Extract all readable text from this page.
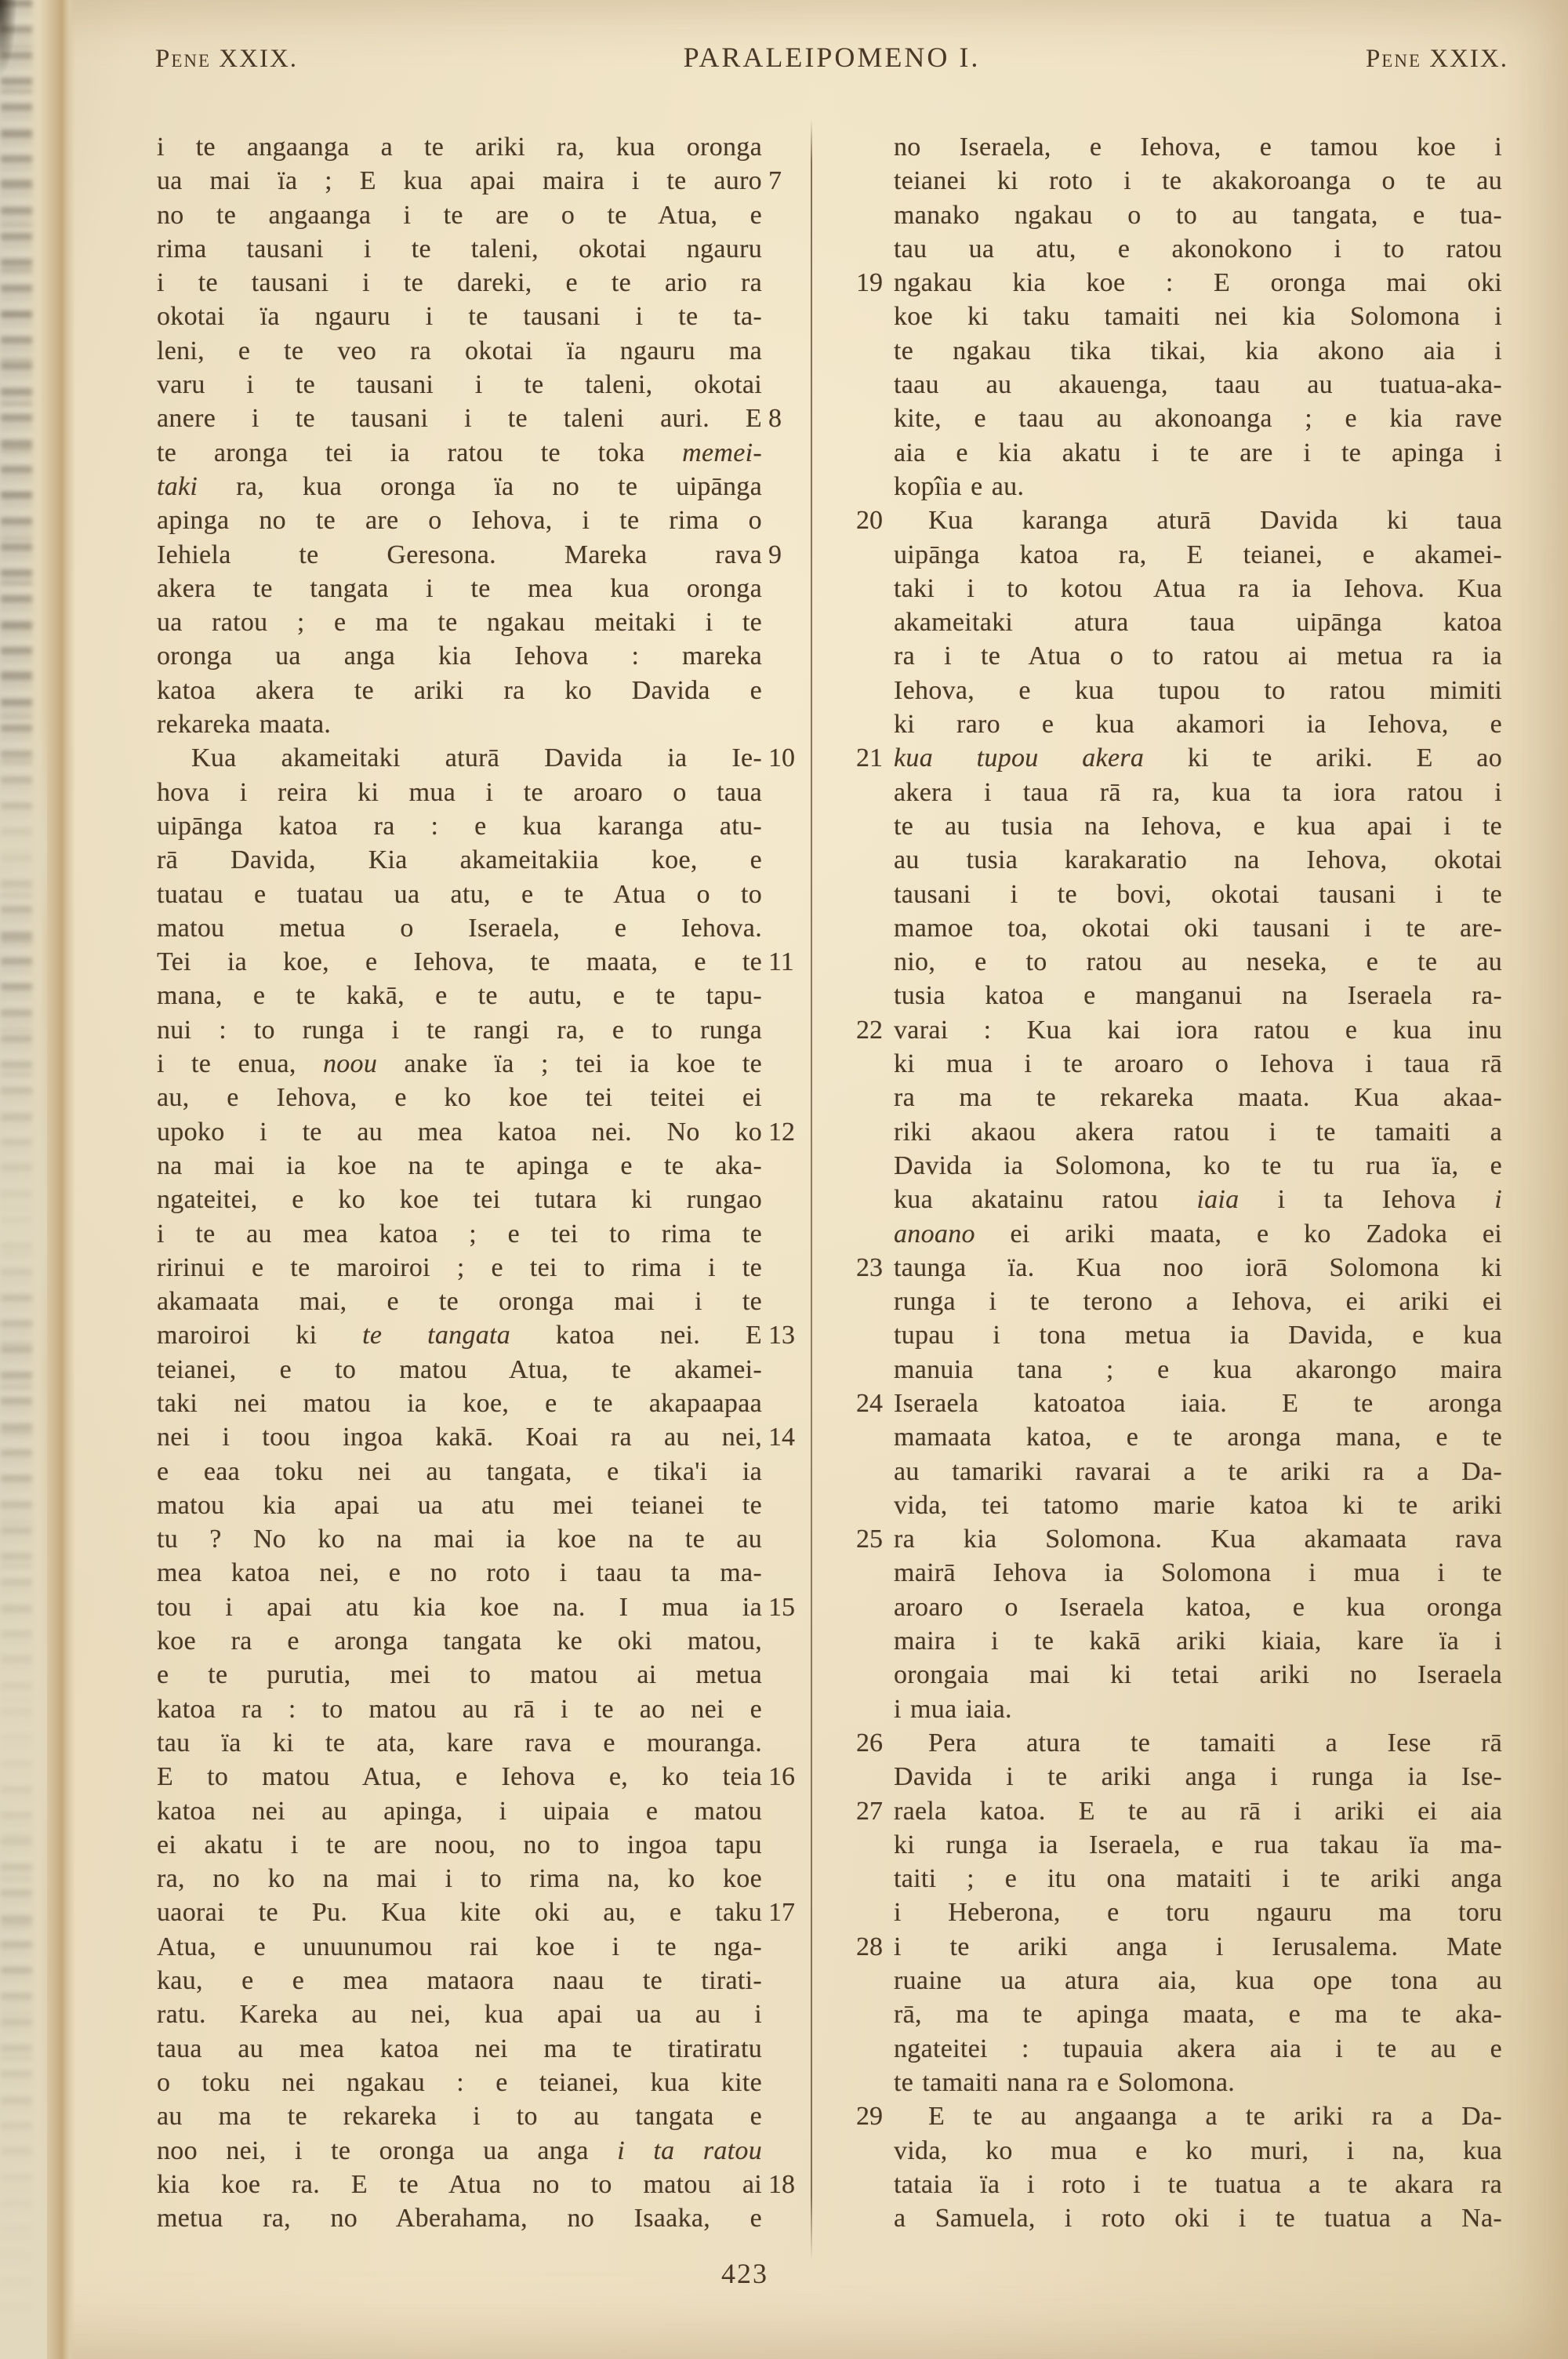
Pene XXIX.	PARALEIPOMENO I.	Pene XXIX.
i te angaanga a te ariki ra, kua oronga
ua mai ïa ; E kua apai maira i te auro 7
no te angaanga i te are o te Atua, e
rima tausani i te taleni, okotai ngauru
i te tausani i te dareki, e te ario ra
okotai ïa ngauru i te tausani i te ta-
leni, e te veo ra okotai ïa ngauru ma
varu i te tausani i te taleni, okotai
anere i te tausani i te taleni auri. E 8
te aronga tei ia ratou te toka memei-
taki ra, kua oronga ïa no te uipānga
apinga no te are o Iehova, i te rima o
Iehiela te Geresona. Mareka rava 9
akera te tangata i te mea kua oronga
ua ratou ; e ma te ngakau meitaki i te
oronga ua anga kia Iehova : mareka
katoa akera te ariki ra ko Davida e
rekareka maata.
Kua akameitaki aturā Davida ia Ie- 10
hova i reira ki mua i te aroaro o taua
uipānga katoa ra : e kua karanga atu-
rā Davida, Kia akameitakiia koe, e
tuatau e tuatau ua atu, e te Atua o to
matou metua o Iseraela, e Iehova.
Tei ia koe, e Iehova, te maata, e te 11
mana, e te kakā, e te autu, e te tapu-
nui : to runga i te rangi ra, e to runga
i te enua, noou anake ïa ; tei ia koe te
au, e Iehova, e ko koe tei teitei ei
upoko i te au mea katoa nei. No ko 12
na mai ia koe na te apinga e te aka-
ngateitei, e ko koe tei tutara ki rungao
i te au mea katoa ; e tei to rima te
ririnui e te maroiroi ; e tei to rima i te
akamaata mai, e te oronga mai i te
maroiroi ki te tangata katoa nei. E 13
teianei, e to matou Atua, te akamei-
taki nei matou ia koe, e te akapaapaa
nei i toou ingoa kakā. Koai ra au nei, 14
e eaa toku nei au tangata, e tika'i ia
matou kia apai ua atu mei teianei te
tu ? No ko na mai ia koe na te au
mea katoa nei, e no roto i taau ta ma-
tou i apai atu kia koe na. I mua ia 15
koe ra e aronga tangata ke oki matou,
e te purutia, mei to matou ai metua
katoa ra : to matou au rā i te ao nei e
tau ïa ki te ata, kare rava e mouranga.
E to matou Atua, e Iehova e, ko teia 16
katoa nei au apinga, i uipaia e matou
ei akatu i te are noou, no to ingoa tapu
ra, no ko na mai i to rima na, ko koe
uaorai te Pu. Kua kite oki au, e taku 17
Atua, e unuunumou rai koe i te nga-
kau, e e mea mataora naau te tirati-
ratu. Kareka au nei, kua apai ua au i
taua au mea katoa nei ma te tiratiratu
o toku nei ngakau : e teianei, kua kite
au ma te rekareka i to au tangata e
noo nei, i te oronga ua anga i ta ratou
kia koe ra. E te Atua no to matou ai 18
metua ra, no Aberahama, no Isaaka, e
no Iseraela, e Iehova, e tamou koe i
teianei ki roto i te akakoroanga o te au
manako ngakau o to au tangata, e tua-
tau ua atu, e akonokono i to ratou
ngakau kia koe : E oronga mai oki
19
koe ki taku tamaiti nei kia Solomona i
te ngakau tika tikai, kia akono aia i
taau au akauenga, taau au tuatua-aka-
kite, e taau au akonoanga ; e kia rave
aia e kia akatu i te are i te apinga i
kopîia e au.
Kua karanga aturā Davida ki taua
20
uipānga katoa ra, E teianei, e akamei-
taki i to kotou Atua ra ia Iehova. Kua
akameitaki atura taua uipānga katoa
ra i te Atua o to ratou ai metua ra ia
Iehova, e kua tupou to ratou mimiti
ki raro e kua akamori ia Iehova, e
kua tupou akera ki te ariki. E ao
21
akera i taua rā ra, kua ta iora ratou i
te au tusia na Iehova, e kua apai i te
au tusia karakaratio na Iehova, okotai
tausani i te bovi, okotai tausani i te
mamoe toa, okotai oki tausani i te are-
nio, e to ratou au neseka, e te au
tusia katoa e manganui na Iseraela ra-
varai : Kua kai iora ratou e kua inu
22
ki mua i te aroaro o Iehova i taua rā
ra ma te rekareka maata. Kua akaa-
riki akaou akera ratou i te tamaiti a
Davida ia Solomona, ko te tu rua ïa, e
kua akatainu ratou iaia i ta Iehova i
anoano ei ariki maata, e ko Zadoka ei
taunga ïa. Kua noo iorā Solomona ki
23
runga i te terono a Iehova, ei ariki ei
tupau i tona metua ia Davida, e kua
manuia tana ; e kua akarongo maira
Iseraela katoatoa iaia. E te aronga
24
mamaata katoa, e te aronga mana, e te
au tamariki ravarai a te ariki ra a Da-
vida, tei tatomo marie katoa ki te ariki
ra kia Solomona. Kua akamaata rava
25
mairā Iehova ia Solomona i mua i te
aroaro o Iseraela katoa, e kua oronga
maira i te kakā ariki kiaia, kare ïa i
orongaia mai ki tetai ariki no Iseraela
i mua iaia.
Pera atura te tamaiti a Iese rā
26
Davida i te ariki anga i runga ia Ise-
raela katoa. E te au rā i ariki ei aia
27
ki runga ia Iseraela, e rua takau ïa ma-
taiti ; e itu ona mataiti i te ariki anga
i Heberona, e toru ngauru ma toru
i te ariki anga i Ierusalema. Mate
28
ruaine ua atura aia, kua ope tona au
rā, ma te apinga maata, e ma te aka-
ngateitei : tupauia akera aia i te au e
te tamaiti nana ra e Solomona.
E te au angaanga a te ariki ra a Da-
29
vida, ko mua e ko muri, i na, kua
tataia ïa i roto i te tuatua a te akara ra
a Samuela, i roto oki i te tuatua a Na-
423
